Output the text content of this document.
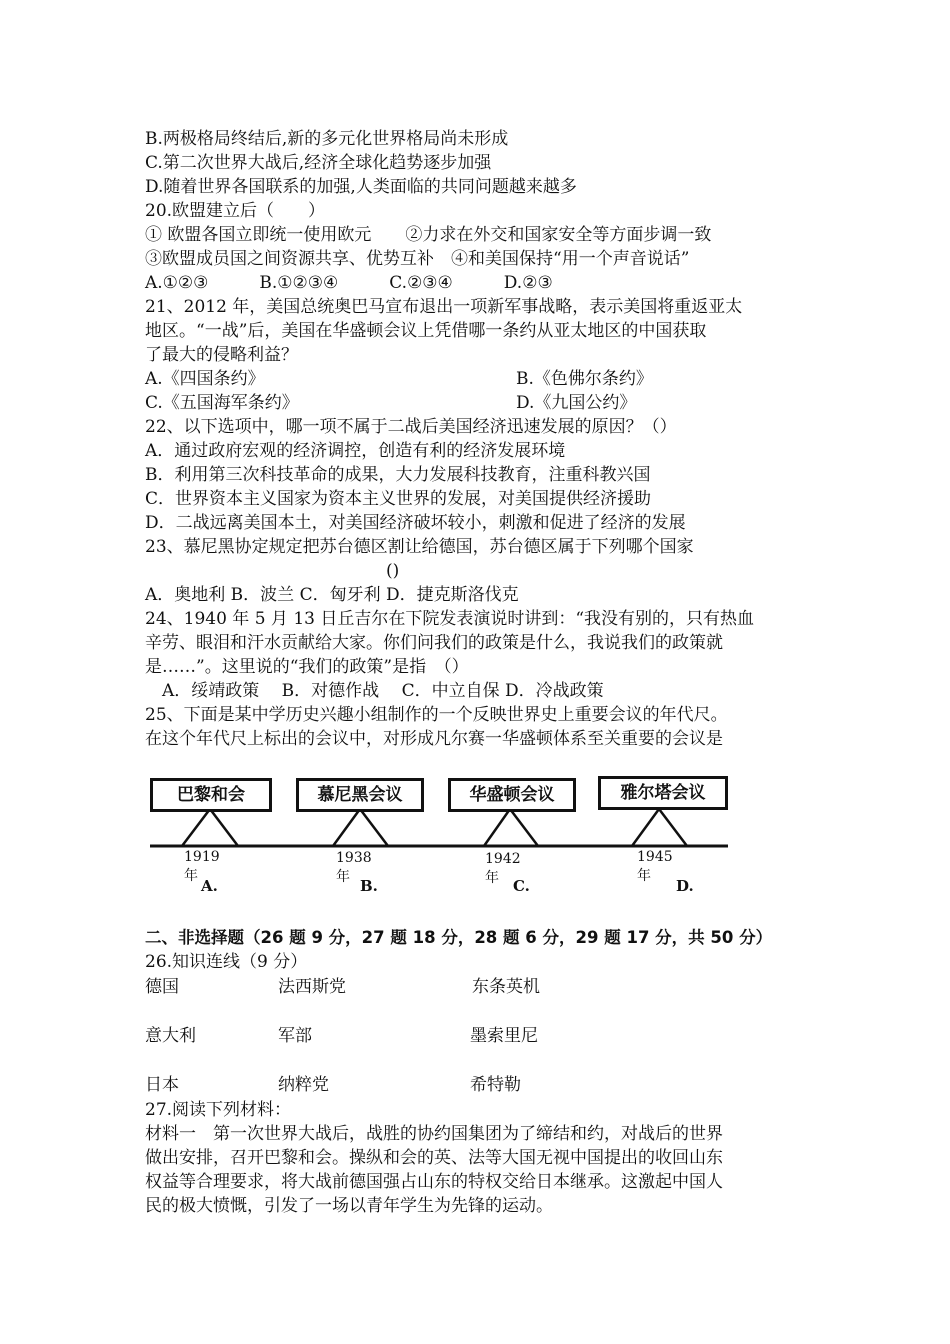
B.两极格局终结后,新的多元化世界格局尚未形成
C.第二次世界大战后,经济全球化趋势逐步加强
D.随着世界各国联系的加强,人类面临的共同问题越来越多
20.欧盟建立后（　　）
① 欧盟各国立即统一使用欧元　　②力求在外交和国家安全等方面步调一致
③欧盟成员国之间资源共享、优势互补　④和美国保持“用一个声音说话”
A.①②③　　　B.①②③④　　　C.②③④　　　D.②③
21、2012 年，美国总统奥巴马宣布退出一项新军事战略，表示美国将重返亚太
地区。“一战”后，美国在华盛顿会议上凭借哪一条约从亚太地区的中国获取
了最大的侵略利益？
A.《四国条约》	B.《色佛尔条约》
C.《五国海军条约》	D.《九国公约》
22、以下选项中，哪一项不属于二战后美国经济迅速发展的原因？（）
A．通过政府宏观的经济调控，创造有利的经济发展环境
B．利用第三次科技革命的成果，大力发展科技教育，注重科教兴国
C．世界资本主义国家为资本主义世界的发展，对美国提供经济援助
D．二战远离美国本土，对美国经济破坏较小，刺激和促进了经济的发展
23、慕尼黑协定规定把苏台德区割让给德国，苏台德区属于下列哪个国家
()
A．奥地利 B．波兰 C．匈牙利 D．捷克斯洛伐克
24、1940 年 5 月 13 日丘吉尔在下院发表演说时讲到：“我没有别的，只有热血
辛劳、眼泪和汗水贡献给大家。你们问我们的政策是什么，我说我们的政策就
是……”。这里说的“我们的政策”是指　（）
　A．绥靖政策　 B．对德作战　 C．中立自保 D．冷战政策
25、下面是某中学历史兴趣小组制作的一个反映世界史上重要会议的年代尺。
在这个年代尺上标出的会议中，对形成凡尔赛一华盛顿体系至关重要的会议是
巴黎和会	慕尼黑会议	华盛顿会议	雅尔塔会议
1919年
1938年
1942年
1945年
A.	B.	C.	D.
二、非选择题（26 题 9 分，27 题 18 分，28 题 6 分，29 题 17 分，共 50 分）
26.知识连线（9 分）
德国	法西斯党	东条英机
意大利	军部	墨索里尼
日本	纳粹党	希特勒
27.阅读下列材料：
材料一　第一次世界大战后，战胜的协约国集团为了缔结和约，对战后的世界
做出安排，召开巴黎和会。操纵和会的英、法等大国无视中国提出的收回山东
权益等合理要求，将大战前德国强占山东的特权交给日本继承。这激起中国人
民的极大愤慨，引发了一场以青年学生为先锋的运动。
